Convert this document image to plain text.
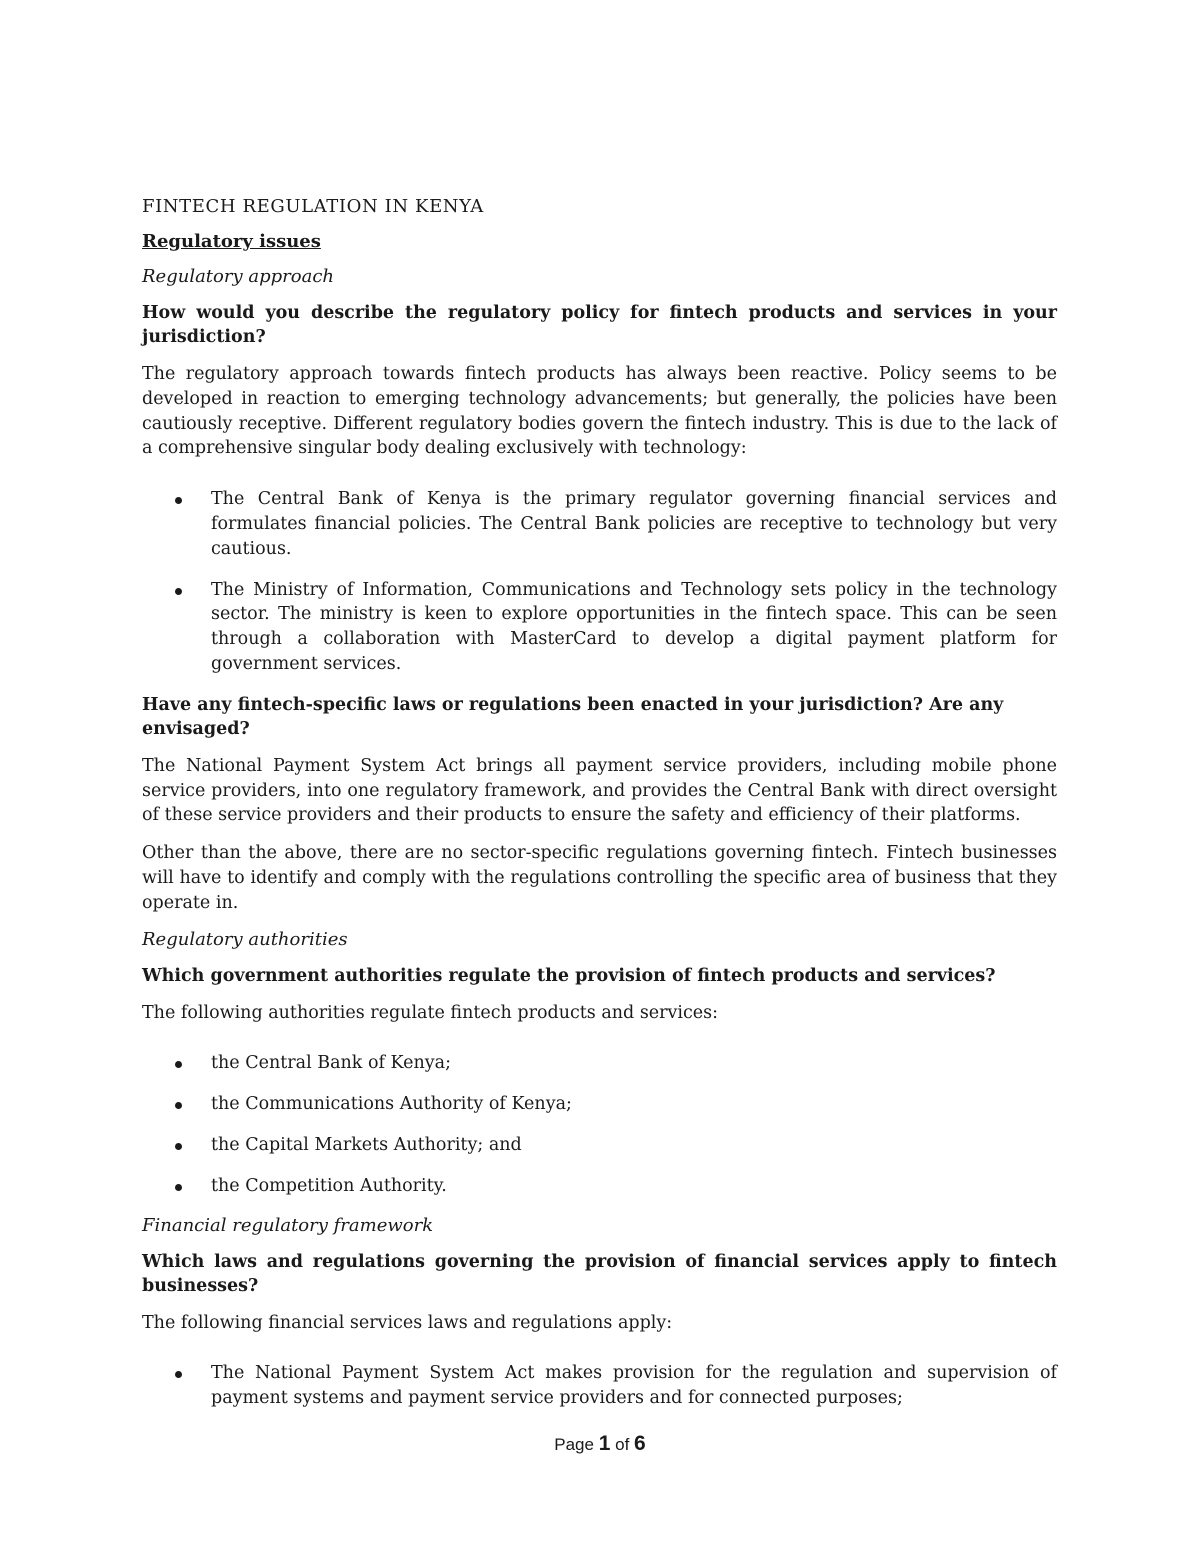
FINTECH REGULATION IN KENYA
Regulatory issues
Regulatory approach
How would you describe the regulatory policy for fintech products and services in your jurisdiction?
The regulatory approach towards fintech products has always been reactive. Policy seems to be developed in reaction to emerging technology advancements; but generally, the policies have been cautiously receptive. Different regulatory bodies govern the fintech industry. This is due to the lack of a comprehensive singular body dealing exclusively with technology:
The Central Bank of Kenya is the primary regulator governing financial services and formulates financial policies. The Central Bank policies are receptive to technology but very cautious.
The Ministry of Information, Communications and Technology sets policy in the technology sector. The ministry is keen to explore opportunities in the fintech space. This can be seen through a collaboration with MasterCard to develop a digital payment platform for government services.
Have any fintech-specific laws or regulations been enacted in your jurisdiction? Are any envisaged?
The National Payment System Act brings all payment service providers, including mobile phone service providers, into one regulatory framework, and provides the Central Bank with direct oversight of these service providers and their products to ensure the safety and efficiency of their platforms.
Other than the above, there are no sector-specific regulations governing fintech. Fintech businesses will have to identify and comply with the regulations controlling the specific area of business that they operate in.
Regulatory authorities
Which government authorities regulate the provision of fintech products and services?
The following authorities regulate fintech products and services:
the Central Bank of Kenya;
the Communications Authority of Kenya;
the Capital Markets Authority; and
the Competition Authority.
Financial regulatory framework
Which laws and regulations governing the provision of financial services apply to fintech businesses?
The following financial services laws and regulations apply:
The National Payment System Act makes provision for the regulation and supervision of payment systems and payment service providers and for connected purposes;
Page 1 of 6
